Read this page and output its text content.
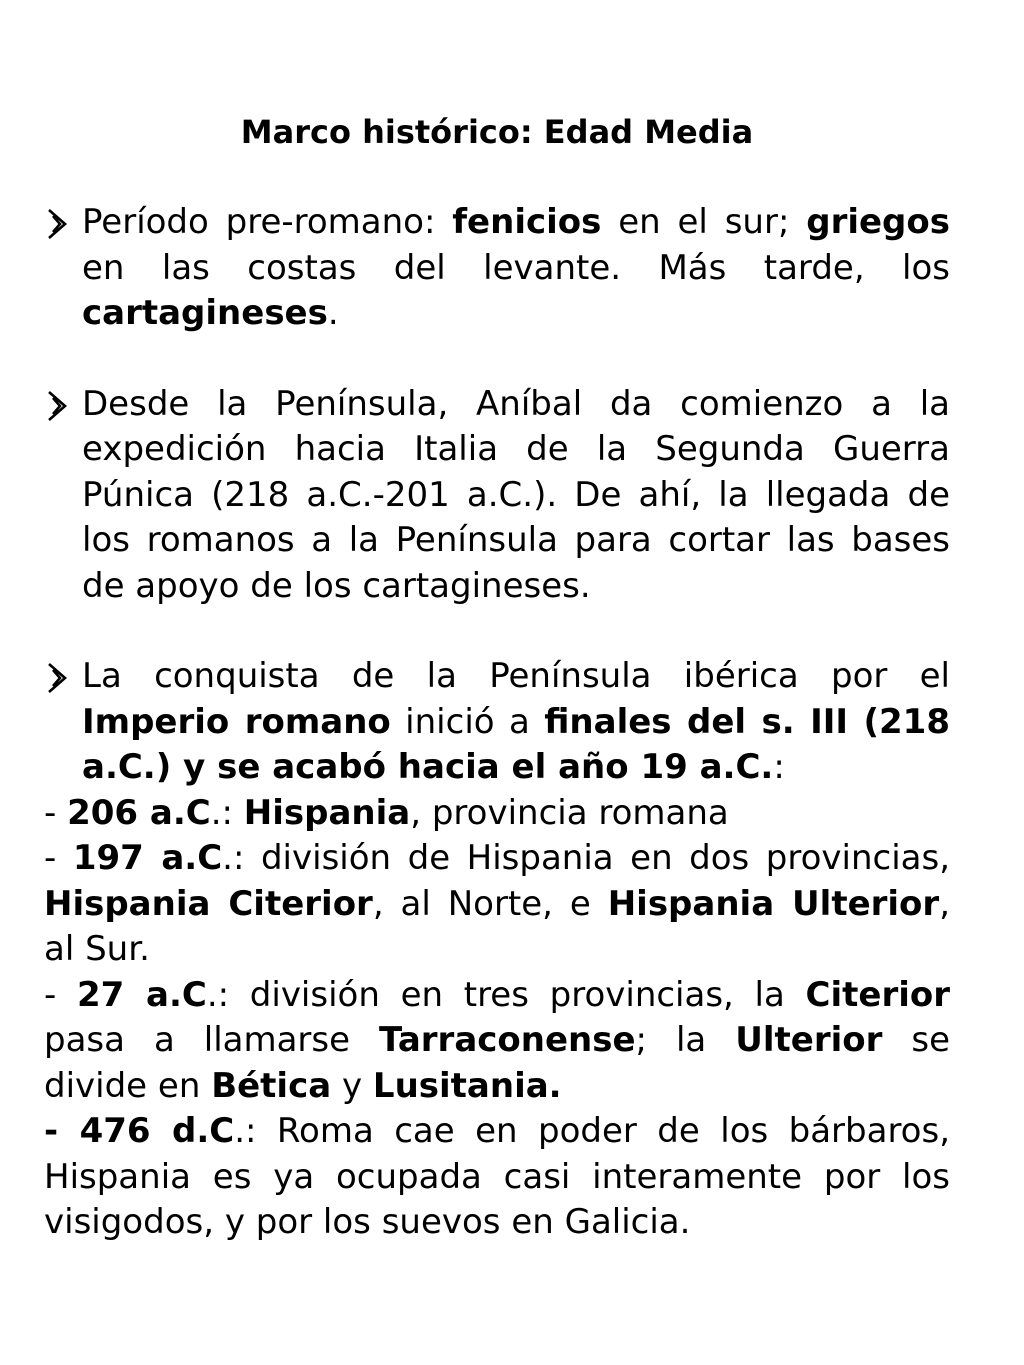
Marco histórico: Edad Media

Período pre-romano: fenicios en el sur; griegos en las costas del levante. Más tarde, los cartagineses.

Desde la Península, Aníbal da comienzo a la expedición hacia Italia de la Segunda Guerra Púnica (218 a.C.-201 a.C.). De ahí, la llegada de los romanos a la Península para cortar las bases de apoyo de los cartagineses.

La conquista de la Península ibérica por el Imperio romano inició a finales del s. III (218 a.C.) y se acabó hacia el año 19 a.C.:

- 206 a.C.: Hispania, provincia romana

- 197 a.C.: división de Hispania en dos provincias, Hispania Citerior, al Norte, e Hispania Ulterior, al Sur.

- 27 a.C.: división en tres provincias, la Citerior pasa a llamarse Tarraconense; la Ulterior se divide en Bética y Lusitania.

- 476 d.C.: Roma cae en poder de los bárbaros, Hispania es ya ocupada casi interamente por los visigodos, y por los suevos en Galicia.
